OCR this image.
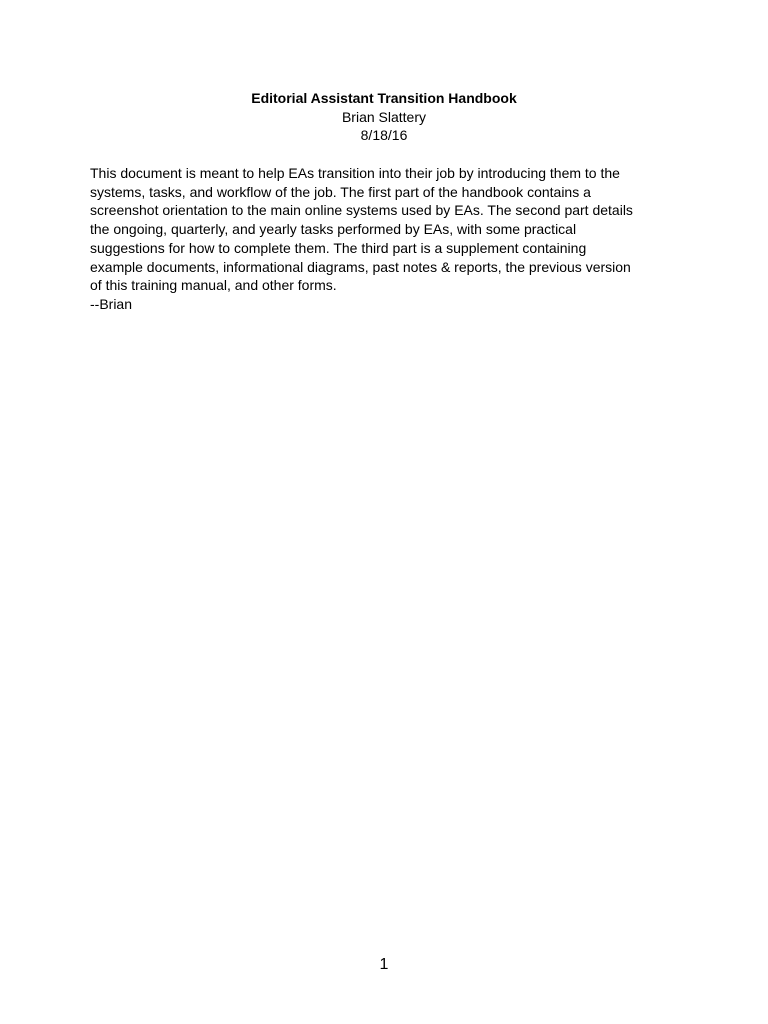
Editorial Assistant Transition Handbook
Brian Slattery
8/18/16
This document is meant to help EAs transition into their job by introducing them to the
systems, tasks, and workflow of the job. The first part of the handbook contains a
screenshot orientation to the main online systems used by EAs. The second part details
the ongoing, quarterly, and yearly tasks performed by EAs, with some practical
suggestions for how to complete them. The third part is a supplement containing
example documents, informational diagrams, past notes & reports, the previous version
of this training manual, and other forms.
--Brian
1
